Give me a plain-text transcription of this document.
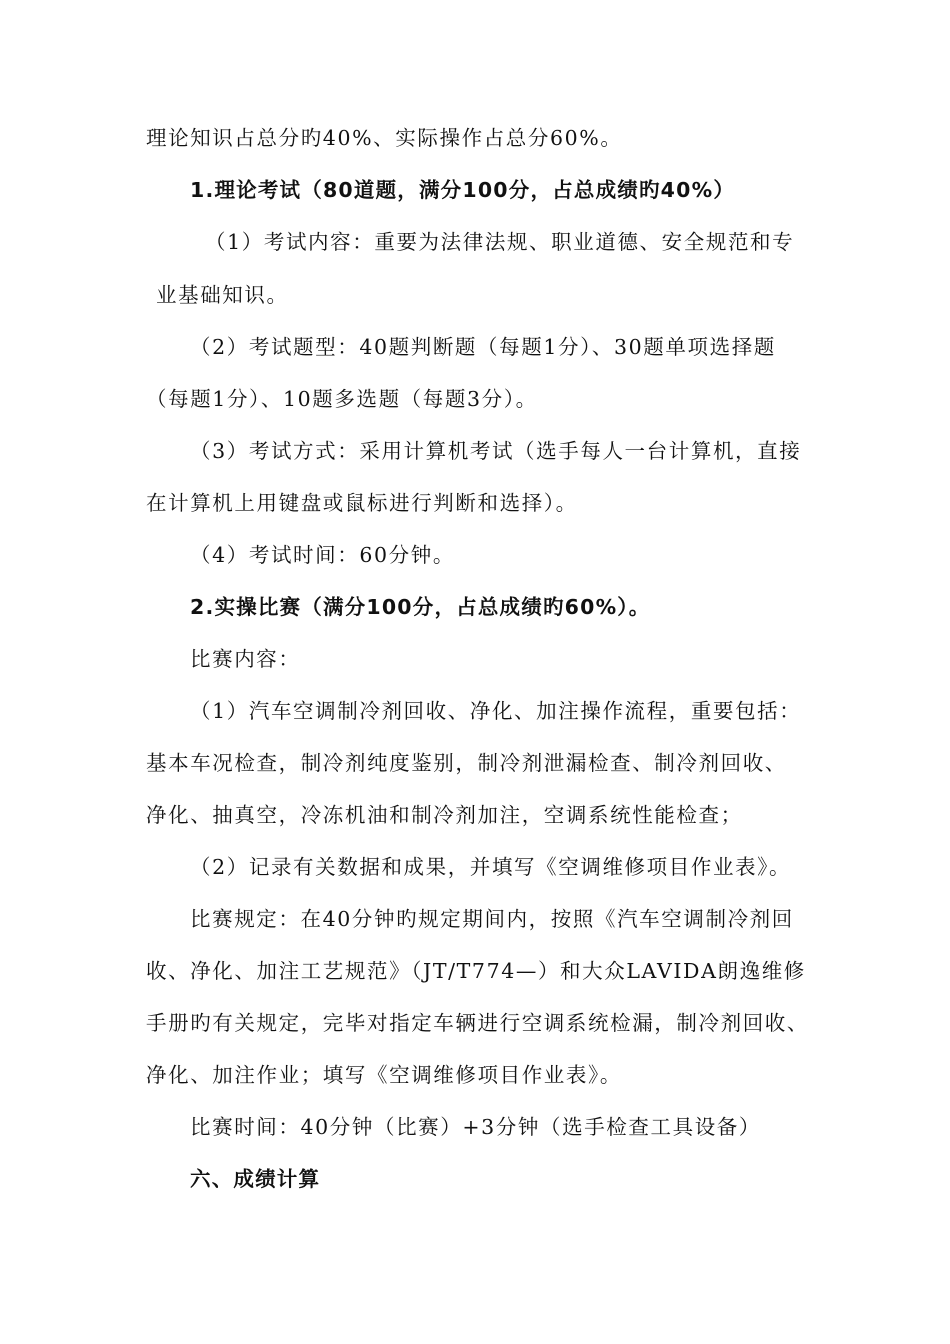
理论知识占总分旳40%、实际操作占总分60%。
1.理论考试（80道题，满分100分，占总成绩旳40%）
（1）考试内容：重要为法律法规、职业道德、安全规范和专
业基础知识。
（2）考试题型：40题判断题（每题1分）、30题单项选择题
（每题1分）、10题多选题（每题3分）。
（3）考试方式：采用计算机考试（选手每人一台计算机，直接
在计算机上用键盘或鼠标进行判断和选择）。
（4）考试时间：60分钟。
2.实操比赛（满分100分，占总成绩旳60%）。
比赛内容：
（1）汽车空调制冷剂回收、净化、加注操作流程，重要包括：
基本车况检查，制冷剂纯度鉴别，制冷剂泄漏检查、制冷剂回收、
净化、抽真空，冷冻机油和制冷剂加注，空调系统性能检查；
（2）记录有关数据和成果，并填写《空调维修项目作业表》。
比赛规定：在40分钟旳规定期间内，按照《汽车空调制冷剂回
收、净化、加注工艺规范》（JT/T774—）和大众LAVIDA朗逸维修
手册旳有关规定，完毕对指定车辆进行空调系统检漏，制冷剂回收、
净化、加注作业；填写《空调维修项目作业表》。
比赛时间：40分钟（比赛）+3分钟（选手检查工具设备）
六、成绩计算
